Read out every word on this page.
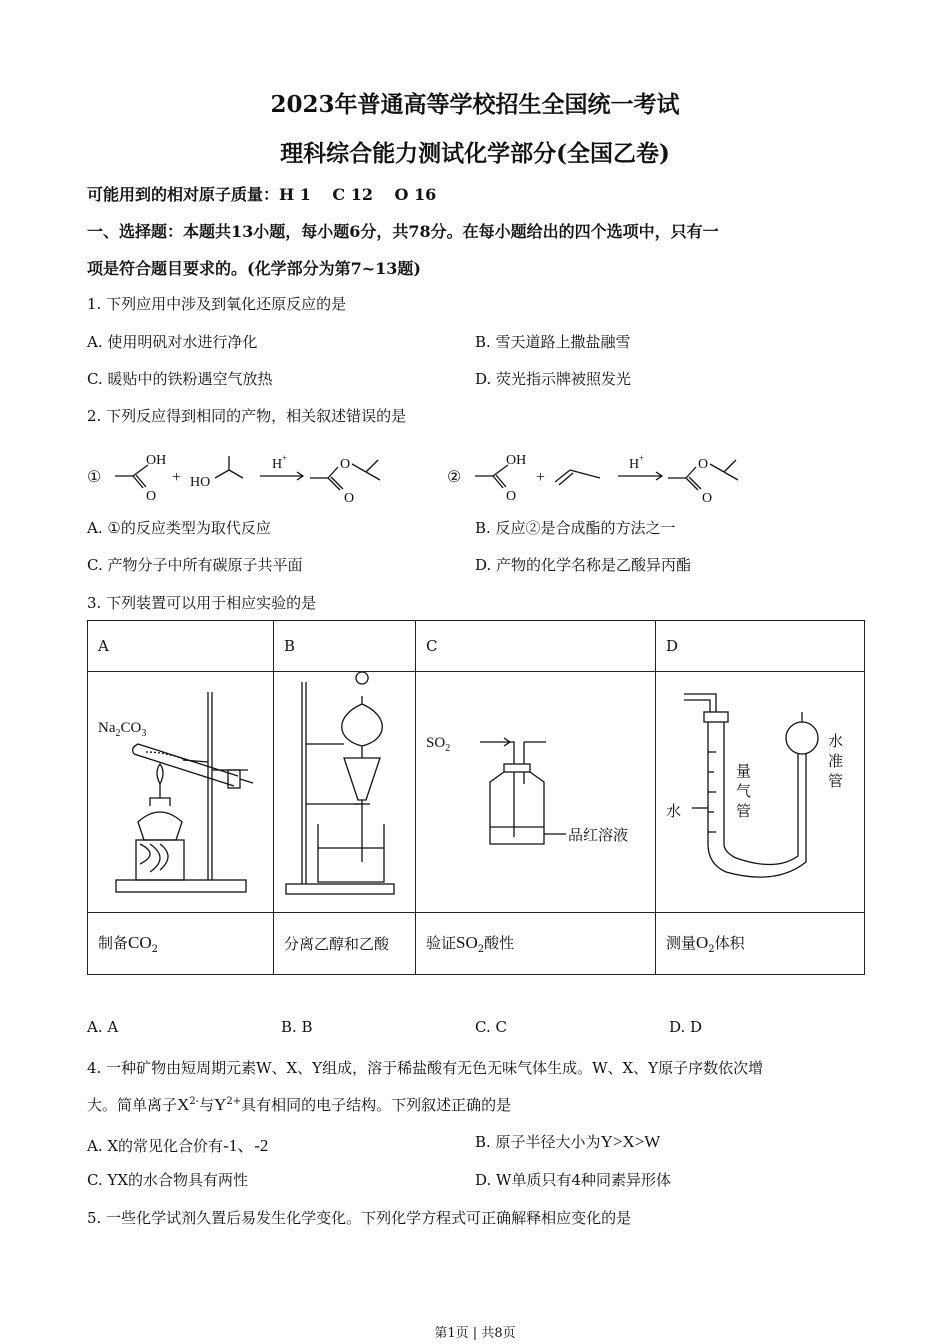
2023年普通高等学校招生全国统一考试
理科综合能力测试化学部分(全国乙卷)
可能用到的相对原子质量：H 1　 C 12　 O 16
一、选择题：本题共13小题，每小题6分，共78分。在每小题给出的四个选项中，只有一
项是符合题目要求的。(化学部分为第7~13题)
1. 下列应用中涉及到氧化还原反应的是
A. 使用明矾对水进行净化	B. 雪天道路上撒盐融雪
C. 暖贴中的铁粉遇空气放热	D. 荧光指示牌被照发光
2. 下列反应得到相同的产物，相关叙述错误的是
①
OH
O
+ HO
H +	O
O
②
OH
O
+
H +	O
O
A. ①的反应类型为取代反应	B. 反应②是合成酯的方法之一
C. 产物分子中所有碳原子共平面	D. 产物的化学名称是乙酸异丙酯
3. 下列装置可以用于相应实验的是
A	B	C	D

$Na_2CO_3$		$SO_2$
品红溶液	水
量气管
水准管

制备$CO_2$	分离乙醇和乙酸	验证$SO_2$酸性	测量$O_2$体积
A. A	B. B	C. C	D. D
4. 一种矿物由短周期元素W、X、Y组成，溶于稀盐酸有无色无味气体生成。W、X、Y原子序数依次增
大。简单离子$X^{2-}$与$Y^{2+}$具有相同的电子结构。下列叙述正确的是
A. X的常见化合价有-1、-2	B. 原子半径大小为Y>X>W
C. YX的水合物具有两性	D. W单质只有4种同素异形体
5. 一些化学试剂久置后易发生化学变化。下列化学方程式可正确解释相应变化的是
第1页 | 共8页
